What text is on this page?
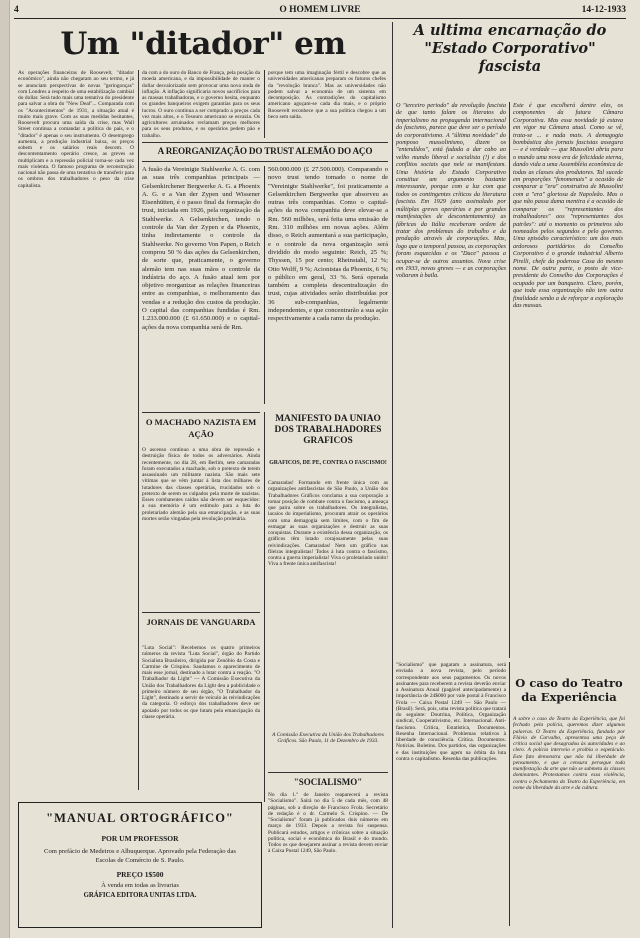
4	O HOMEM LIVRE	14-12-1933
Um "ditador" em

As operações financeiras de Roosevelt, "ditador econômico", ainda não chegaram ao seu termo, e já se anunciam perspectivas de novas "geringonças" com Londres a respeito de uma estabilização cambial do dollar. Será tudo mais uma tentativa do presidente para salvar a obra do "New Deal"... Comparada com os "Acontecimentos" de 1931, a situação atual é muito mais grave. Com as suas medidas hesitantes, Roosevelt procura uma saída da crise, mas Wall Street continua a comandar a política do país, e o "ditador" é apenas o seu instrumento. O desemprego aumenta, a produção industrial baixa, os preços sobem e os salários reais descem. O descontentamento operário cresce, as greves se multiplicam e a repressão policial torna-se cada vez mais violenta. O famoso programa de reconstrução nacional não passa de uma tentativa de transferir para os ombros dos trabalhadores o peso da crise capitalista.

da com a do ouro do Banco de França, pela posição da moeda americana, e da impossibilidade de manter o dollar desvalorizado sem provocar uma nova onda de inflação. A inflação significaria novos sacrifícios para as massas trabalhadoras, e o governo hesita, enquanto os grandes banqueiros exigem garantias para os seus lucros. O ouro continua a ser comprado a preços cada vez mais altos, e o Tesouro americano se esvazia. Os agricultores arruinados reclamam preços melhores para os seus produtos, e os operários pedem pão e trabalho.

porque tem uma imaginação fértil e descobre que as universidades americanas preparam os futuros chefes da "revolução branca". Mas as universidades não podem salvar a economia de um sistema em decomposição. As contradições do capitalismo americano aguçam-se cada dia mais, e o próprio Roosevelt reconhece que a sua política chegou a um beco sem saída.

A REORGANIZAÇÃO DO TRUST ALEMÃO DO AÇO

A fusão da Vereinigte Stahlwerke A. G. com as suas três companhias principais — Gelsenkirchener Bergwerke A. G. a Phoenix A. G. e a Van der Zypen und Wissener Eisenhütten, é o passo final da formação do trust, iniciada em 1926, pela organização da Stahlwerke. A Gelsenkirchen, tendo o controle da Van der Zypen e da Phoenix, tinha indiretamente o controle da Stahlwerke. No governo Von Papen, o Reich comprou 50 % das ações da Gelsenkirchen, de sorte que, praticamente, o governo alemão tem nas suas mãos o controle da indústria do aço. A fusão atual tem por objetivo reorganizar as relações financeiras entre as companhias, o melhoramento das vendas e a redução dos custos da produção. O capital das companhias fundidas é Rm. 1.233.000.000 (£ 61.650.000) e o capital-ações da nova companhia será de Rm.

560.000.000 (£ 27.500.000). Comparando o novo trust tendo tomado o nome de "Vereinigte Stahlwerke", foi praticamente a Gelsenkirchen Bergwerke que absorveu as outras três companhias. Como o capital-ações da nova companhia deve elevar-se a Rm. 560 milhões, será feita uma emissão de Rm. 310 milhões em novas ações. Além disso, o Reich aumentará a sua participação, e o controle da nova organização será dividido do modo seguinte: Reich, 25 %; Thyssen, 15 por cento; Rheinstahl, 12 %; Otto Wolff, 9 %; Acionistas da Phoenix, 6 %; o público em geral, 33 %. Será operada também a completa descentralização do trust, cujas atividades serão distribuídas por 36 sub-companhias, legalmente independentes, e que concentrarão a sua ação respectivamente a cada ramo da produção.

O MACHADO NAZISTA EM AÇÃO

O ascenso contínuo a uma obra de repressão e destruição física de todos os adversários. Ainda recentemente, no dia 28, em Berlim, sete camaradas foram executados a machado, sob o pretexto de terem assassinado um militante nazista. São mais sete vítimas que se vêm juntar à lista dos milhares de lutadores das classes operárias, trucidados sob o pretexto de serem os culpados pela morte de nazistas. Esses combatentes caídos não devem ser esquecidos: a sua memória é um estímulo para a luta do proletariado alemão pela sua emancipação, e as suas mortes serão vingadas pela revolução proletária.

JORNAIS DE VANGUARDA

"Luta Social": Recebemos os quatro primeiros números da revista "Luta Social", órgão do Partido Socialista Brasileiro, dirigida por Zenóbio da Costa e Carmine de Crispino. Saudamos o aparecimento de mais esse jornal, destinado a lutar contra a reação. "O Trabalhador da Light" — A Comissão Executiva da União dos Trabalhadores da Light deu a publicidade o primeiro número de seu órgão, "O Trabalhador da Light", destinado a servir de veículo às reivindicações da categoria. O esforço dos trabalhadores deve ser apoiado por todos os que lutam pela emancipação da classe operária.

MANIFESTO DA UNIÃO DOS TRABALHADORES GRAFICOS

GRÁFICOS, DE PÉ, CONTRA O FASCISMO!

Camaradas! Formando em frente única com as organizações antifascistas de São Paulo, a União dos Trabalhadores Gráficos conclama a sua corporação a tomar posição de combate contra o fascismo, a ameaça que paira sobre os trabalhadores. Os integralistas, lacaios do imperialismo, procuram atrair os operários com uma demagogia sem limites, com o fim de esmagar as suas organizações e destruir as suas conquistas. Durante a existência dessa organização, os gráficos têm lutado corajosamente pelas suas reivindicações. Camaradas! Nem um gráfico nas fileiras integralistas! Todos à luta contra o fascismo, contra a guerra imperialista! Viva o proletariado unido! Viva a frente única antifascista!

A Comissão Executiva da União dos Trabalhadores Gráficos. São Paulo, 11 de Dezembro de 1933.

"SOCIALISMO"

No dia 1.º de Janeiro reaparecerá a revista "Socialismo". Sairá no dia 5 de cada mês, com 48 páginas, sob a direção de Francisco Frola. Secretário de redação é o dr. Carmelo S. Crispino. — De "Socialismo" foram já publicados dois números em março de 1933. Depois a revista foi suspensa. Publicará estudos, artigos e crônicas sobre a situação política, social e econômica do Brasil e do mundo. Todos os que desejarem assinar a revista devem enviar à Caixa Postal 1249, São Paulo.

"MANUAL ORTOGRÁFICO"
POR UM PROFESSOR
Com prefácio de Medeiros e Albuquerque. Aprovado pela Federação das Escolas de Comércio de S. Paulo.
PREÇO 1$500
À venda em todas as livrarias
GRÁFICA EDITORA UNITAS LTDA.
A ultima encarnação do "Estado Corporativo" fascista

O "terceiro periodo" da revolução fascista de que tanto falam os literatos do imperialismo na propaganda internacional do fascismo, parece que deve ser o período do corporativismo. A "última novidade" do pomposo mussolinismo, dizem os "entendidos", está fadada a dar cabo ao velho mundo liberal e socialista (!) e dos conflitos sociais que nele se manifestam. Uma história do Estado Corporativo constitue um argumento bastante interessante, porque com a luz com que todos os contingentes críticos da literatura fascista. Em 1929 (ano assinalado por múltiplas greves operárias e por grandes manifestações de descontentamento) as fábricas da Itália receberam ordem de tratar dos problemas do trabalho e da produção através de corporações. Mas, logo que o temporal passou, as corporações foram esquecidas e os "Duce" passou a ocupar-se de outros assuntos. Nova crise em 1933, novas greves — e as corporações voltaram à baila.

Este é que escolherá dentre eles, os componentes da futura Câmara Corporativa. Mas essa novidade já estava em vigor na Câmara atual. Como se vê, trata-se ... e nada mais. A demagogia bombástica dos jornais fascistas assegura — e é verdade — que Mussolini abriu para o mundo uma nova era de felicidade eterna, dando vida a uma Assembléia econômica de todas as classes dos produtores. Tal sucede em proporções "fenomenais" a ocasião de comparar a "era" construtiva de Mussolini com a "era" gloriosa de Napoleão. Mas o que não passa duma mentira é a ocasião de comparar os "representantes dos trabalhadores" aos "representantes dos patrões": até o momento os primeiros são nomeados pelos segundos e pelo governo. Uma episódio característico: um dos mais ardorosos partidários do Conselho Corporativo é o grande industrial Alberto Pirelli, chefe da poderosa Casa do mesmo nome. De outra parte, o posto de vice-presidente do Conselho das Corporações é ocupado por um banqueiro. Claro, porém, que toda essa organização não tem outra finalidade senão a de reforçar a exploração das massas.

"Socialismo" que pagaram a assinatura, será enviada a nova revista, pelo período correspondente aos seus pagamentos. Os novos assinantes para receberem a revista deverão enviar a Assinatura Anual (pagável antecipadamente) a importância de 24$000 por vale postal à Francisco Frola — Caixa Postal 1249 — São Paulo — (Brasil). Será, pois, uma revista política que tratará do seguinte: Doutrina, Política, Organização sindical, Cooperativismo, etc. Internacional. Anti-fascismo. Crítica, Estatística, Documentos. Resenha Internacional. Problemas relativos à liberdade de consciência. Crítica. Documentos. Notícias. Boletins. Dos partidos, das organizações e das instituições que agem na órbita da luta contra o capitalismo. Resenha das publicações.

O caso do Teatro da Experiência

A sobre o caso do Teatro da Experiência, que foi fechado pela polícia, queremos dizer algumas palavras. O Teatro da Experiência, fundado por Flávio de Carvalho, apresentou uma peça de crítica social que desagradou às autoridades e ao clero. A polícia interveio e proibiu o espetáculo. Este fato demonstra que não há liberdade de pensamento, e que a censura persegue toda manifestação da arte que não se submeta às classes dominantes. Protestamos contra essa violência, contra o fechamento do Teatro da Experiência, em nome da liberdade da arte e da cultura.
